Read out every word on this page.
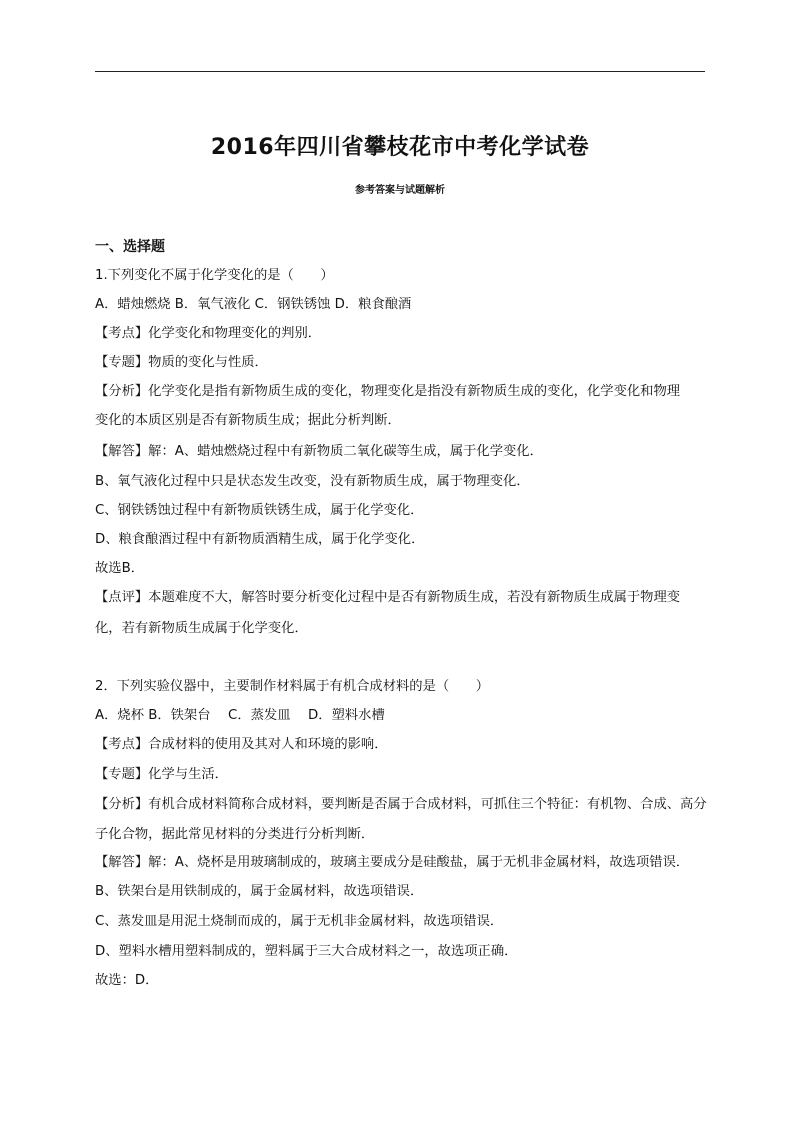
2016年四川省攀枝花市中考化学试卷
参考答案与试题解析
一、选择题
1.下列变化不属于化学变化的是（　　）
A．蜡烛燃烧 B．氧气液化 C．钢铁锈蚀 D．粮食酿酒
【考点】化学变化和物理变化的判别．
【专题】物质的变化与性质．
【分析】化学变化是指有新物质生成的变化，物理变化是指没有新物质生成的变化，化学变化和物理
变化的本质区别是否有新物质生成；据此分析判断．
【解答】解：A、蜡烛燃烧过程中有新物质二氧化碳等生成，属于化学变化．
B、氧气液化过程中只是状态发生改变，没有新物质生成，属于物理变化．
C、钢铁锈蚀过程中有新物质铁锈生成，属于化学变化．
D、粮食酿酒过程中有新物质酒精生成，属于化学变化．
故选B．
【点评】本题难度不大，解答时要分析变化过程中是否有新物质生成，若没有新物质生成属于物理变
化，若有新物质生成属于化学变化．
2．下列实验仪器中，主要制作材料属于有机合成材料的是（　　）
A．烧杯 B．铁架台　 C．蒸发皿　 D．塑料水槽
【考点】合成材料的使用及其对人和环境的影响．
【专题】化学与生活．
【分析】有机合成材料简称合成材料，要判断是否属于合成材料，可抓住三个特征：有机物、合成、高分
子化合物，据此常见材料的分类进行分析判断．
【解答】解：A、烧杯是用玻璃制成的，玻璃主要成分是硅酸盐，属于无机非金属材料，故选项错误．
B、铁架台是用铁制成的，属于金属材料，故选项错误．
C、蒸发皿是用泥土烧制而成的，属于无机非金属材料，故选项错误．
D、塑料水槽用塑料制成的，塑料属于三大合成材料之一，故选项正确．
故选：D．
